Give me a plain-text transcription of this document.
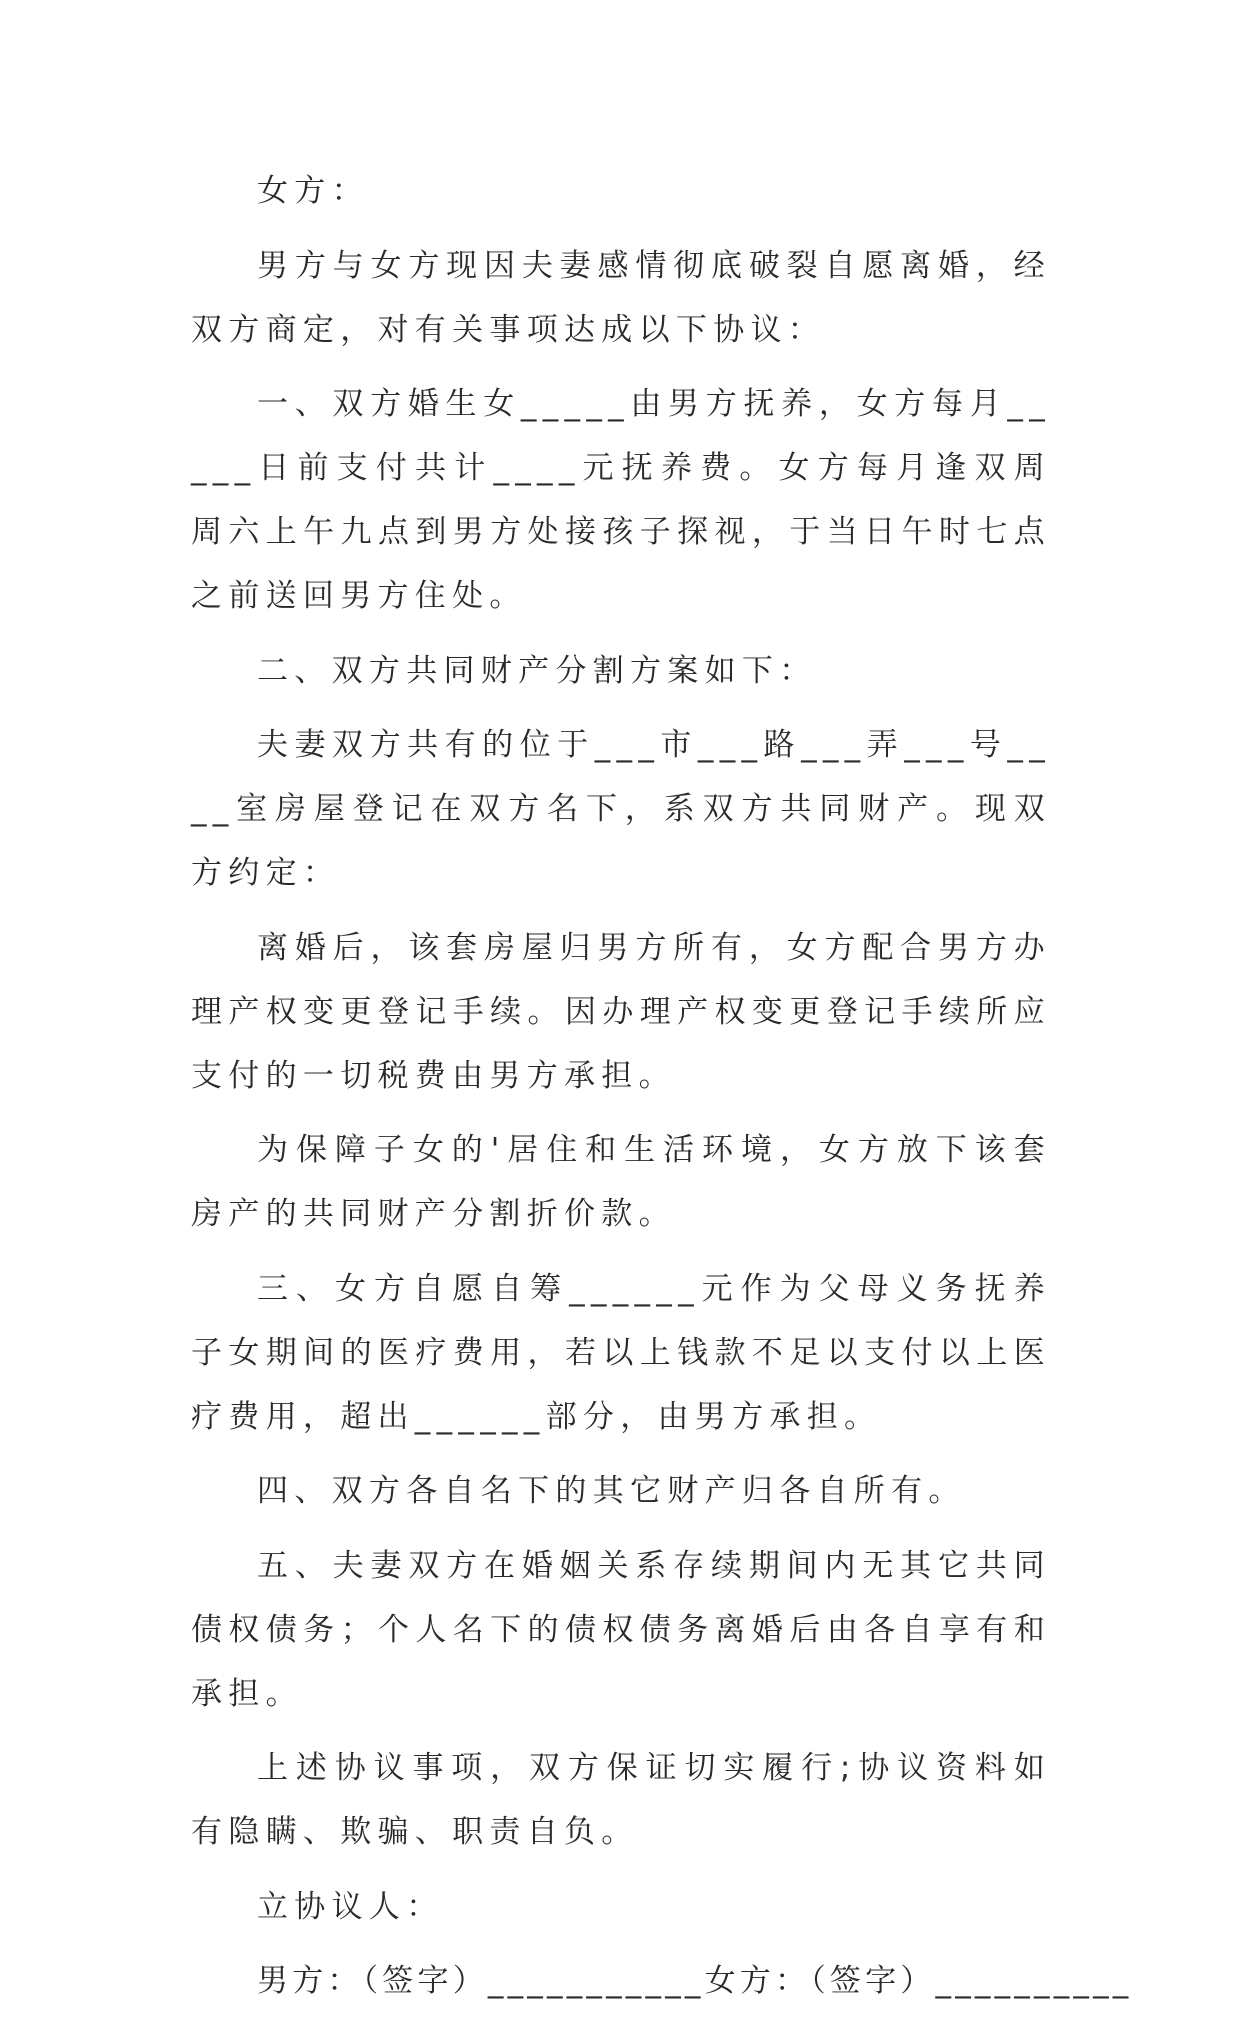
女方：

男方与女方现因夫妻感情彻底破裂自愿离婚，经双方商定，对有关事项达成以下协议：

一、双方婚生女_____由男方抚养，女方每月_____日前支付共计____元抚养费。女方每月逢双周周六上午九点到男方处接孩子探视，于当日午时七点之前送回男方住处。

二、双方共同财产分割方案如下：

夫妻双方共有的位于___市___路___弄___号____室房屋登记在双方名下，系双方共同财产。现双方约定：

离婚后，该套房屋归男方所有，女方配合男方办理产权变更登记手续。因办理产权变更登记手续所应支付的一切税费由男方承担。

为保障子女的'居住和生活环境，女方放下该套房产的共同财产分割折价款。

三、女方自愿自筹______元作为父母义务抚养子女期间的医疗费用，若以上钱款不足以支付以上医疗费用，超出______部分，由男方承担。

四、双方各自名下的其它财产归各自所有。

五、夫妻双方在婚姻关系存续期间内无其它共同债权债务；个人名下的债权债务离婚后由各自享有和承担。

上述协议事项，双方保证切实履行;协议资料如有隐瞒、欺骗、职责自负。

立协议人：

男方：（签字）___________女方：（签字）__________
